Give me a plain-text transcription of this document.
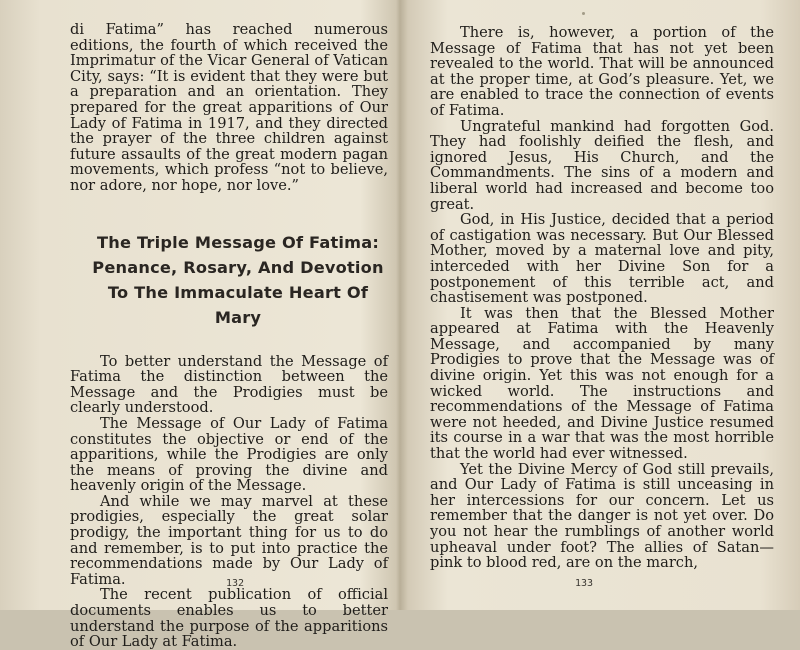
di Fatima” has reached numerous editions, the fourth of which received the Imprimatur of the Vicar General of Vatican City, says: “It is evident that they were but a preparation and an orientation. They prepared for the great apparitions of Our Lady of Fatima in 1917, and they directed the prayer of the three children against future assaults of the great modern pagan movements, which profess “not to believe, nor adore, nor hope, nor love.”

The Triple Message Of Fatima:
Penance, Rosary, And Devotion
To The Immaculate Heart Of Mary

To better understand the Message of Fatima the distinction between the Message and the Prodigies must be clearly understood.

The Message of Our Lady of Fatima constitutes the objective or end of the apparitions, while the Prodigies are only the means of proving the divine and heavenly origin of the Message.

And while we may marvel at these prodigies, especially the great solar prodigy, the important thing for us to do and remember, is to put into practice the recommendations made by Our Lady of Fatima.

The recent publication of official documents enables us to better understand the purpose of the apparitions of Our Lady at Fatima.

132

There is, however, a portion of the Message of Fatima that has not yet been revealed to the world. That will be announced at the proper time, at God’s pleasure. Yet, we are enabled to trace the connection of events of Fatima.

Ungrateful mankind had forgotten God. They had foolishly deified the flesh, and ignored Jesus, His Church, and the Commandments. The sins of a modern and liberal world had increased and become too great.

God, in His Justice, decided that a period of castigation was necessary. But Our Blessed Mother, moved by a maternal love and pity, interceded with her Divine Son for a postponement of this terrible act, and chastisement was postponed.

It was then that the Blessed Mother appeared at Fatima with the Heavenly Message, and accompanied by many Prodigies to prove that the Message was of divine origin. Yet this was not enough for a wicked world. The instructions and recommendations of the Message of Fatima were not heeded, and Divine Justice resumed its course in a war that was the most horrible that the world had ever witnessed.

Yet the Divine Mercy of God still prevails, and Our Lady of Fatima is still unceasing in her intercessions for our concern. Let us remember that the danger is not yet over. Do you not hear the rumblings of another world upheaval under foot? The allies of Satan—pink to blood red, are on the march,

133
